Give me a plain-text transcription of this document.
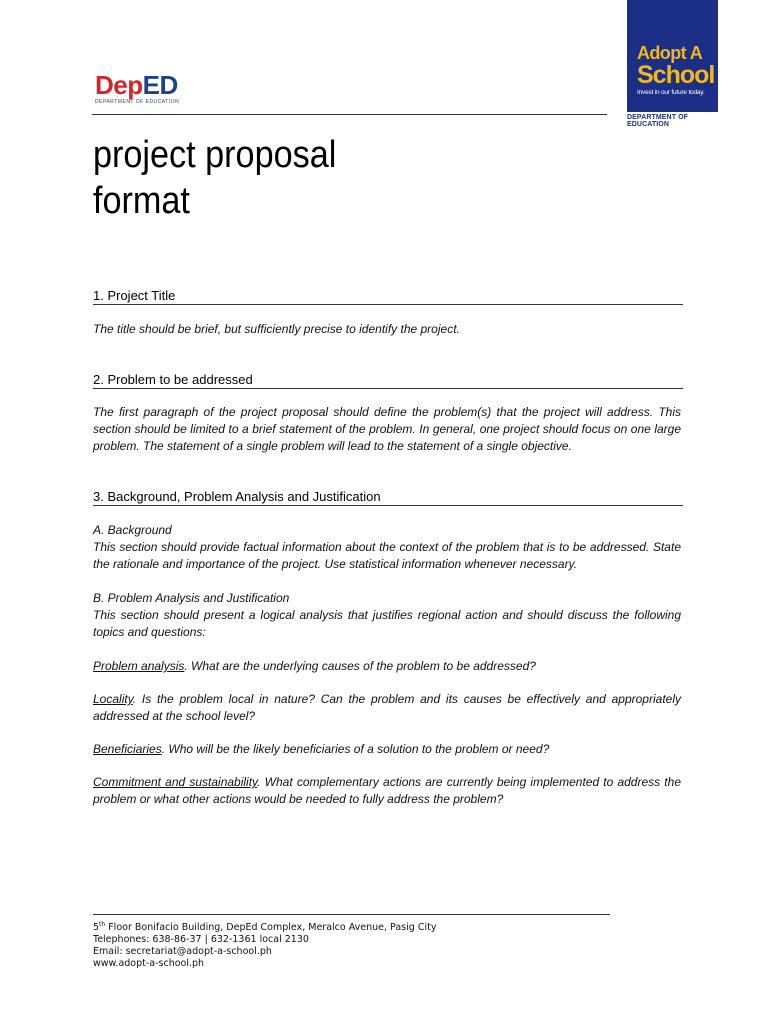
DepED
DEPARTMENT OF EDUCATION
Adopt A
School
Invest in our future today.
DEPARTMENT OF EDUCATION
project proposal
format
1. Project Title

The title should be brief, but sufficiently precise to identify the project.

2. Problem to be addressed

The first paragraph of the project proposal should define the problem(s) that the project will address. This section should be limited to a brief statement of the problem. In general, one project should focus on one large problem. The statement of a single problem will lead to the statement of a single objective.

3. Background, Problem Analysis and Justification

A. Background

This section should provide factual information about the context of the problem that is to be addressed. State the rationale and importance of the project. Use statistical information whenever necessary.

B. Problem Analysis and Justification

This section should present a logical analysis that justifies regional action and should discuss the following topics and questions:

Problem analysis. What are the underlying causes of the problem to be addressed?

Locality. Is the problem local in nature? Can the problem and its causes be effectively and appropriately addressed at the school level?

Beneficiaries. Who will be the likely beneficiaries of a solution to the problem or need?

Commitment and sustainability. What complementary actions are currently being implemented to address the problem or what other actions would be needed to fully address the problem?

5th Floor Bonifacio Building, DepEd Complex, Meralco Avenue, Pasig City
Telephones: 638-86-37 | 632-1361 local 2130
Email: secretariat@adopt-a-school.ph
www.adopt-a-school.ph
